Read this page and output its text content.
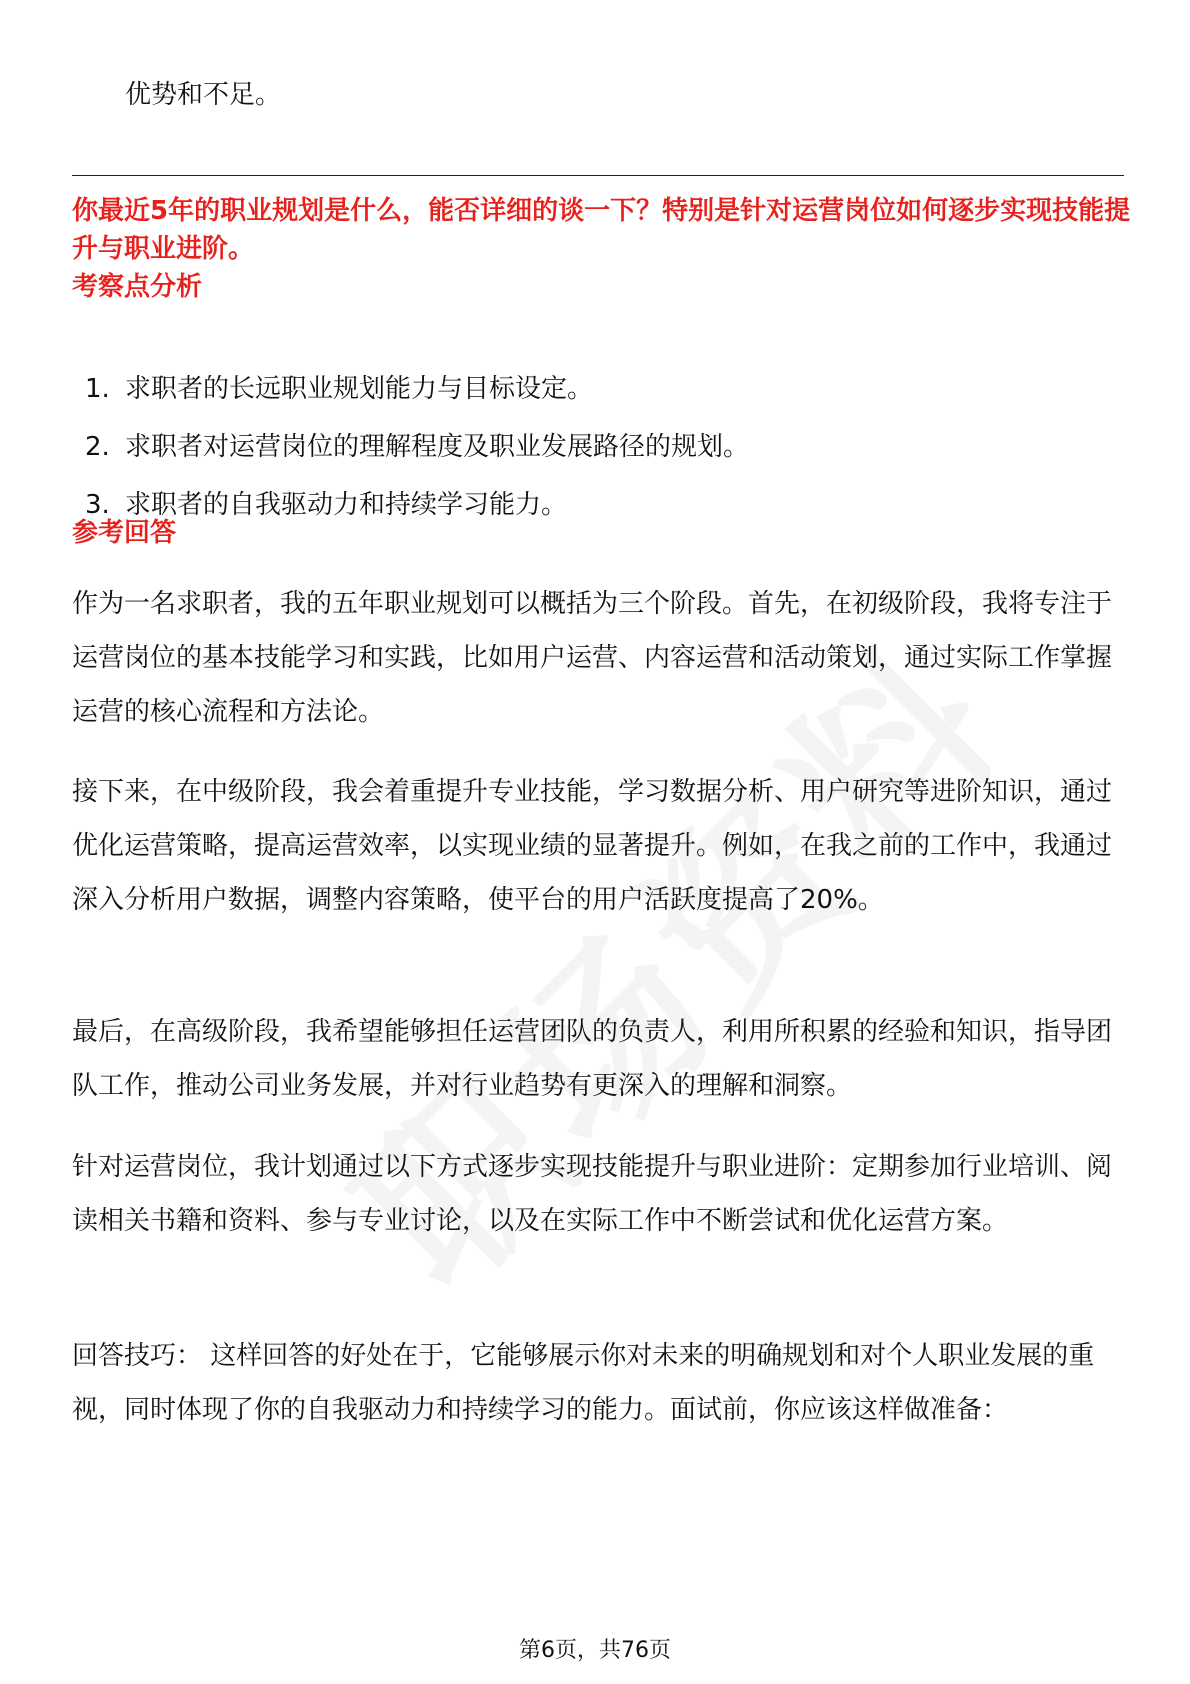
优势和不足。
你最近5年的职业规划是什么，能否详细的谈一下？特别是针对运营岗位如何逐步实现技能提升与职业进阶。
考察点分析
1. 求职者的长远职业规划能力与目标设定。
2. 求职者对运营岗位的理解程度及职业发展路径的规划。
3. 求职者的自我驱动力和持续学习能力。
参考回答
作为一名求职者，我的五年职业规划可以概括为三个阶段。首先，在初级阶段，我将专注于运营岗位的基本技能学习和实践，比如用户运营、内容运营和活动策划，通过实际工作掌握运营的核心流程和方法论。
接下来，在中级阶段，我会着重提升专业技能，学习数据分析、用户研究等进阶知识，通过优化运营策略，提高运营效率，以实现业绩的显著提升。例如，在我之前的工作中，我通过深入分析用户数据，调整内容策略，使平台的用户活跃度提高了20%。
最后，在高级阶段，我希望能够担任运营团队的负责人，利用所积累的经验和知识，指导团队工作，推动公司业务发展，并对行业趋势有更深入的理解和洞察。
针对运营岗位，我计划通过以下方式逐步实现技能提升与职业进阶：定期参加行业培训、阅读相关书籍和资料、参与专业讨论，以及在实际工作中不断尝试和优化运营方案。
回答技巧： 这样回答的好处在于，它能够展示你对未来的明确规划和对个人职业发展的重视，同时体现了你的自我驱动力和持续学习的能力。面试前，你应该这样做准备：
第6页，共76页
